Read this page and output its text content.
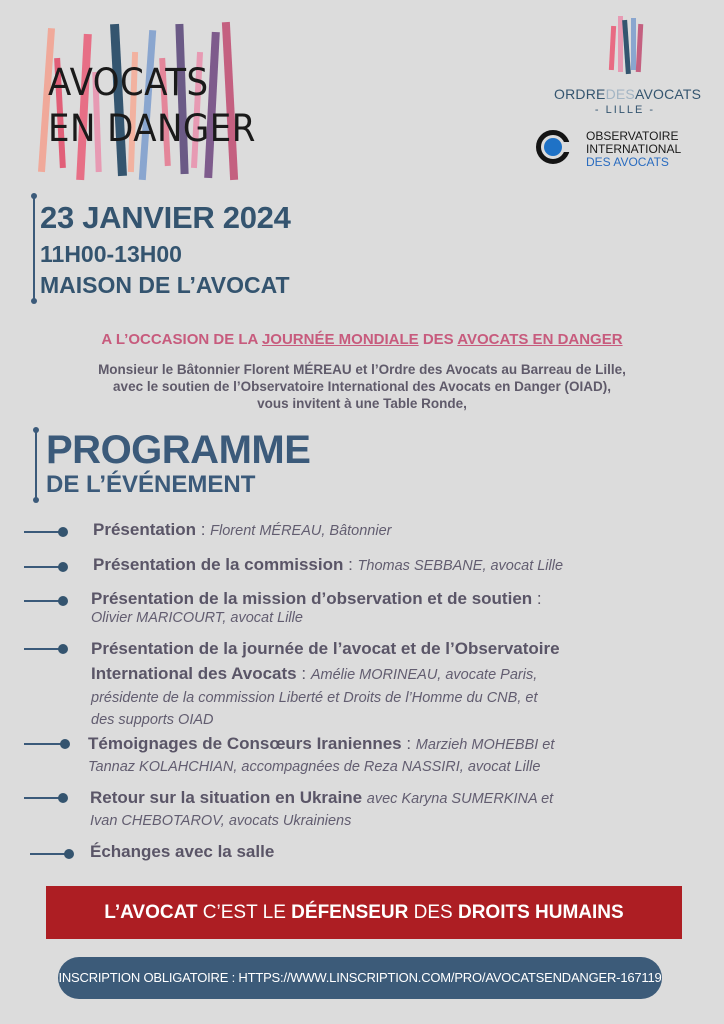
AVOCATS
EN DANGER
ORDREDESAVOCATS
- LILLE -
OBSERVATOIRE
INTERNATIONAL
DES AVOCATS
23 JANVIER 2024
11H00-13H00
MAISON DE L’AVOCAT
A L’OCCASION DE LA JOURNÉE MONDIALE DES AVOCATS EN DANGER
Monsieur le Bâtonnier Florent MÉREAU et l’Ordre des Avocats au Barreau de Lille,
avec le soutien de l’Observatoire International des Avocats en Danger (OIAD),
vous invitent à une Table Ronde,
PROGRAMME
DE L’ÉVÉNEMENT
Présentation : Florent MÉREAU, Bâtonnier
Présentation de la commission : Thomas SEBBANE, avocat Lille
Présentation de la mission d’observation et de soutien :
Olivier MARICOURT, avocat Lille
Présentation de la journée de l’avocat et de l’Observatoire
International des Avocats : Amélie MORINEAU, avocate Paris,
présidente de la commission Liberté et Droits de l’Homme du CNB, et
des supports OIAD
Témoignages de Consœurs Iraniennes : Marzieh MOHEBBI et
Tannaz KOLAHCHIAN, accompagnées de Reza NASSIRI, avocat Lille
Retour sur la situation en Ukraine avec Karyna SUMERKINA et
Ivan CHEBOTAROV, avocats Ukrainiens
Échanges avec la salle
L’AVOCAT C’EST LE DÉFENSEUR DES DROITS HUMAINS
INSCRIPTION OBLIGATOIRE : HTTPS://WWW.LINSCRIPTION.COM/PRO/AVOCATSENDANGER-167119
